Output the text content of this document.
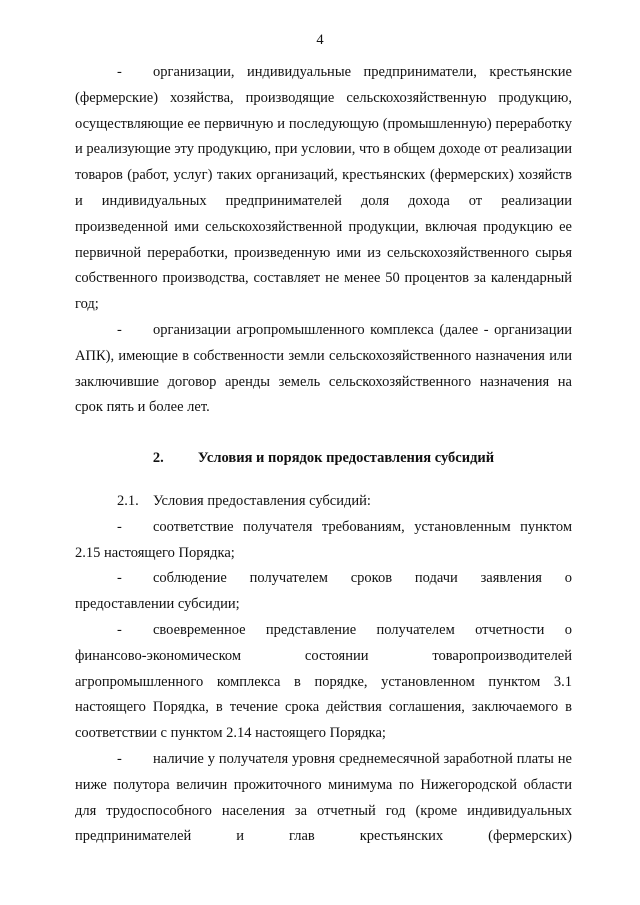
4

- организации, индивидуальные предприниматели, крестьянские (фермерские) хозяйства, производящие сельскохозяйственную продукцию, осуществляющие ее первичную и последующую (промышленную) переработку и реализующие эту продукцию, при условии, что в общем доходе от реализации товаров (работ, услуг) таких организаций, крестьянских (фермерских) хозяйств и индивидуальных предпринимателей доля дохода от реализации произведенной ими сельскохозяйственной продукции, включая продукцию ее первичной переработки, произведенную ими из сельскохозяйственного сырья собственного производства, составляет не менее 50 процентов за календарный год;

- организации агропромышленного комплекса (далее - организации АПК), имеющие в собственности земли сельскохозяйственного назначения или заключившие договор аренды земель сельскохозяйственного назначения на срок пять и более лет.

2. Условия и порядок предоставления субсидий

2.1. Условия предоставления субсидий:

- соответствие получателя требованиям, установленным пунктом 2.15 настоящего Порядка;

- соблюдение получателем сроков подачи заявления о предоставлении субсидии;

- своевременное представление получателем отчетности о финансово-экономическом состоянии товаропроизводителей агропромышленного комплекса в порядке, установленном пунктом 3.1 настоящего Порядка, в течение срока действия соглашения, заключаемого в соответствии с пунктом 2.14 настоящего Порядка;

- наличие у получателя уровня среднемесячной заработной платы не ниже полутора величин прожиточного минимума по Нижегородской области для трудоспособного населения за отчетный год (кроме индивидуальных предпринимателей и глав крестьянских (фермерских)
